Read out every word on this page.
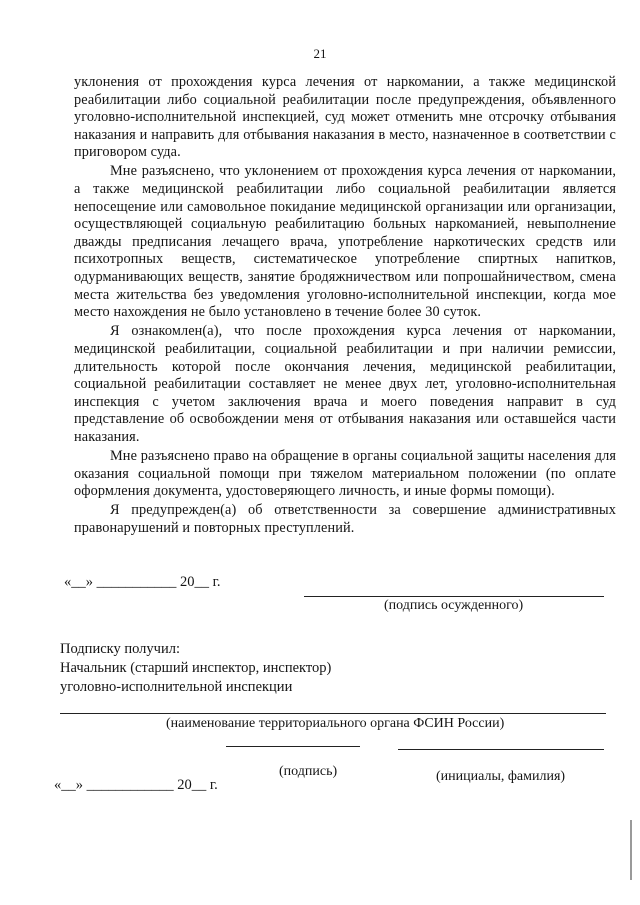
21

уклонения от прохождения курса лечения от наркомании, а также медицинской реабилитации либо социальной реабилитации после предупреждения, объявленного уголовно-исполнительной инспекцией, суд может отменить мне отсрочку отбывания наказания и направить для отбывания наказания в место, назначенное в соответствии с приговором суда.

Мне разъяснено, что уклонением от прохождения курса лечения от наркомании, а также медицинской реабилитации либо социальной реабилитации является непосещение или самовольное покидание медицинской организации или организации, осуществляющей социальную реабилитацию больных наркоманией, невыполнение дважды предписания лечащего врача, употребление наркотических средств или психотропных веществ, систематическое употребление спиртных напитков, одурманивающих веществ, занятие бродяжничеством или попрошайничеством, смена места жительства без уведомления уголовно-исполнительной инспекции, когда мое место нахождения не было установлено в течение более 30 суток.

Я ознакомлен(а), что после прохождения курса лечения от наркомании, медицинской реабилитации, социальной реабилитации и при наличии ремиссии, длительность которой после окончания лечения, медицинской реабилитации, социальной реабилитации составляет не менее двух лет, уголовно-исполнительная инспекция с учетом заключения врача и моего поведения направит в суд представление об освобождении меня от отбывания наказания или оставшейся части наказания.

Мне разъяснено право на обращение в органы социальной защиты населения для оказания социальной помощи при тяжелом материальном положении (по оплате оформления документа, удостоверяющего личность, и иные формы помощи).

Я предупрежден(а) об ответственности за совершение административных правонарушений и повторных преступлений.

«__» ___________ 20__ г.
(подпись осужденного)
Подписку получил:
Начальник (старший инспектор, инспектор)
уголовно-исполнительной инспекции
(наименование территориального органа ФСИН России)
(подпись)	(инициалы, фамилия)
«__» ____________ 20__ г.
